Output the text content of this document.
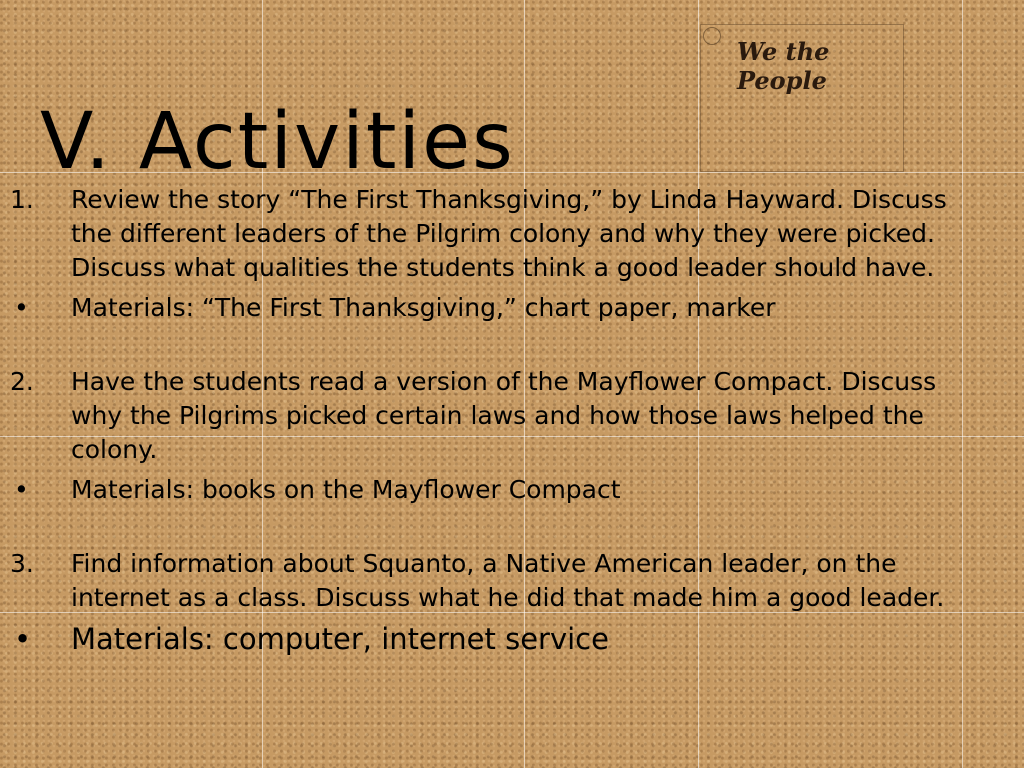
V. Activities
We the People
1. Review the story “The First Thanksgiving,” by Linda Hayward. Discuss the different leaders of the Pilgrim colony and why they were picked. Discuss what qualities the students think a good leader should have.
• Materials: “The First Thanksgiving,” chart paper, marker
2. Have the students read a version of the Mayflower Compact. Discuss why the Pilgrims picked certain laws and how those laws helped the colony.
• Materials: books on the Mayflower Compact
3. Find information about Squanto, a Native American leader, on the internet as a class. Discuss what he did that made him a good leader.
• Materials: computer, internet service
